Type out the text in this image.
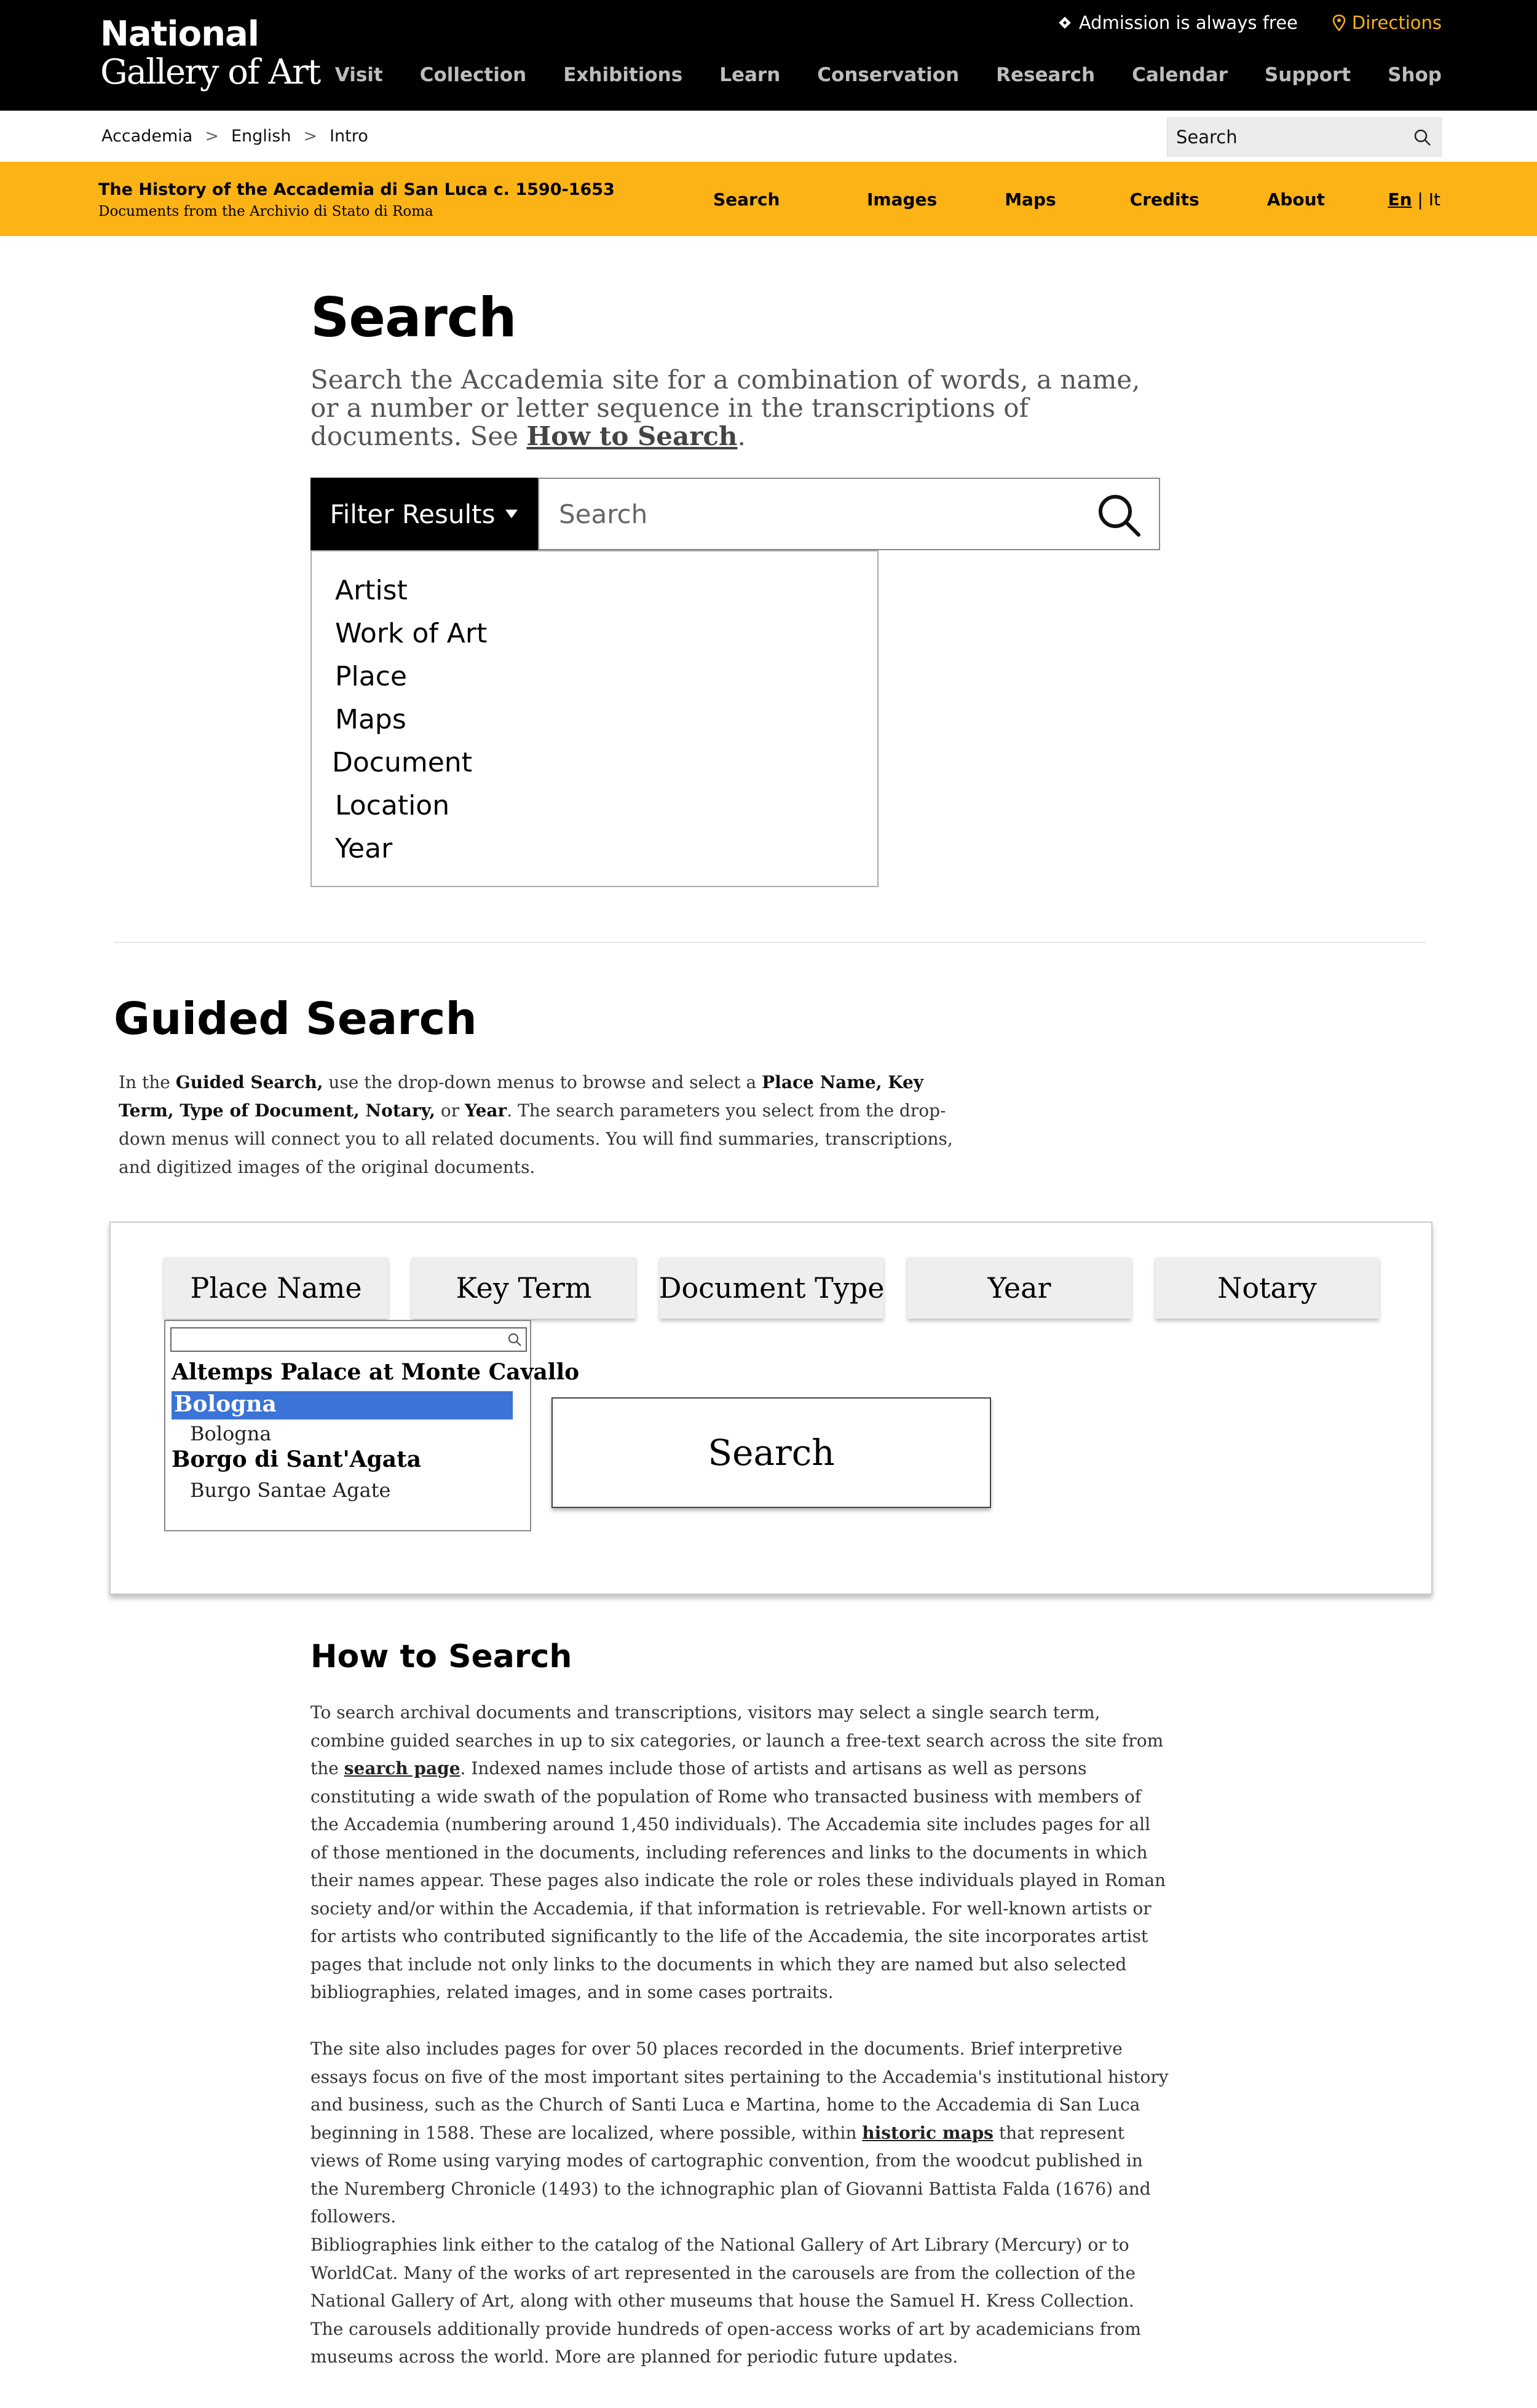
National
Gallery of Art
Admission is always free	Directions
Visit Collection Exhibitions Learn Conservation Research Calendar Support Shop
Accademia > English > Intro
Search
The History of the Accademia di San Luca c. 1590-1653
Documents from the Archivio di Stato di Roma
Search	Images	Maps	Credits	About	En | It
Search

Search the Accademia site for a combination of words, a name, or a number or letter sequence in the transcriptions of documents. See How to Search.

Filter Results
Search
Artist
Work of Art
Place
Maps
Document
Location
Year
Guided Search

In the Guided Search, use the drop-down menus to browse and select a Place Name, Key Term, Type of Document, Notary, or Year. The search parameters you select from the drop-down menus will connect you to all related documents. You will find summaries, transcriptions, and digitized images of the original documents.

Place Name	Key Term	Document Type	Year	Notary
Altemps Palace at Monte Cavallo
Bologna
Bologna
Borgo di Sant'Agata
Burgo Santae Agate
Search
How to Search

To search archival documents and transcriptions, visitors may select a single search term, combine guided searches in up to six categories, or launch a free-text search across the site from the search page. Indexed names include those of artists and artisans as well as persons constituting a wide swath of the population of Rome who transacted business with members of the Accademia (numbering around 1,450 individuals). The Accademia site includes pages for all of those mentioned in the documents, including references and links to the documents in which their names appear. These pages also indicate the role or roles these individuals played in Roman society and/or within the Accademia, if that information is retrievable. For well-known artists or for artists who contributed significantly to the life of the Accademia, the site incorporates artist pages that include not only links to the documents in which they are named but also selected bibliographies, related images, and in some cases portraits.

The site also includes pages for over 50 places recorded in the documents. Brief interpretive essays focus on five of the most important sites pertaining to the Accademia's institutional history and business, such as the Church of Santi Luca e Martina, home to the Accademia di San Luca beginning in 1588. These are localized, where possible, within historic maps that represent views of Rome using varying modes of cartographic convention, from the woodcut published in the Nuremberg Chronicle (1493) to the ichnographic plan of Giovanni Battista Falda (1676) and followers.

Bibliographies link either to the catalog of the National Gallery of Art Library (Mercury) or to WorldCat. Many of the works of art represented in the carousels are from the collection of the National Gallery of Art, along with other museums that house the Samuel H. Kress Collection. The carousels additionally provide hundreds of open-access works of art by academicians from museums across the world. More are planned for periodic future updates.
